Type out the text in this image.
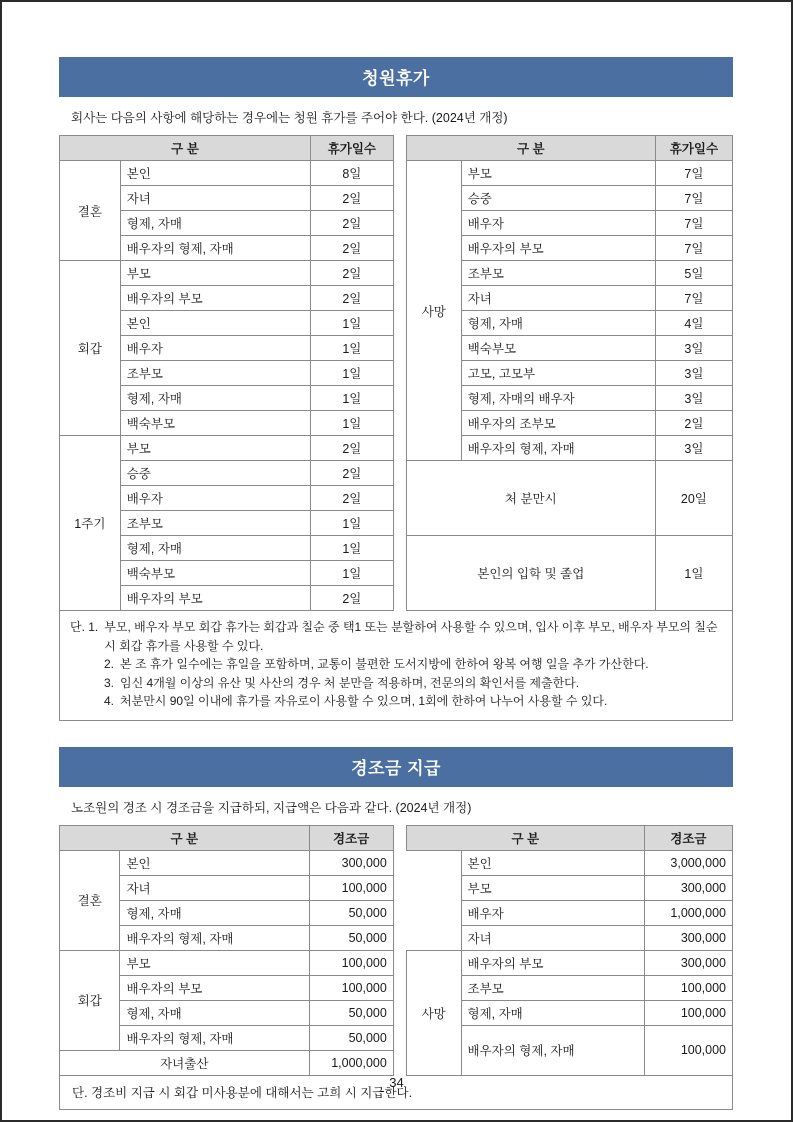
청원휴가
회사는 다음의 사항에 해당하는 경우에는 청원 휴가를 주어야 한다. (2024년 개정)
구 분		휴가일수		구 분		휴가일수
결혼	본인	8일		사망	부모	7일
	자녀	2일			승중	7일
	형제, 자매	2일			배우자	7일
	배우자의 형제, 자매	2일			배우자의 부모	7일
회갑	부모	2일			조부모	5일
	배우자의 부모	2일			자녀	7일
	본인	1일			형제, 자매	4일
	배우자	1일			백숙부모	3일
	조부모	1일			고모, 고모부	3일
	형제, 자매	1일			형제, 자매의 배우자	3일
	백숙부모	1일			배우자의 조부모	2일
1주기	부모	2일			배우자의 형제, 자매	3일
	승중	2일		처 분만시		20일
	배우자	2일				
	조부모	1일				
	형제, 자매	1일		본인의 입학 및 졸업		1일
	백숙부모	1일				
	배우자의 부모	2일				
단. 1. 부모, 배우자 부모 회갑 휴가는 회갑과 칠순 중 택1 또는 분할하여 사용할 수 있으며, 입사 이후 부모, 배우자 부모의 칠순 시 회갑 휴가를 사용할 수 있다.
2. 본 조 휴가 일수에는 휴일을 포함하며, 교통이 불편한 도서지방에 한하여 왕복 여행 일을 추가 가산한다.
3. 임신 4개월 이상의 유산 및 사산의 경우 처 분만을 적용하며, 전문의의 확인서를 제출한다.
4. 처분만시 90일 이내에 휴가를 자유로이 사용할 수 있으며, 1회에 한하여 나누어 사용할 수 있다.
경조금 지급
노조원의 경조 시 경조금을 지급하되, 지급액은 다음과 같다. (2024년 개정)
구 분		경조금		구 분		경조금
결혼	본인	300,000			본인	3,000,000
	자녀	100,000			부모	300,000
	형제, 자매	50,000			배우자	1,000,000
	배우자의 형제, 자매	50,000			자녀	300,000
회갑	부모	100,000		사망	배우자의 부모	300,000
	배우자의 부모	100,000			조부모	100,000
	형제, 자매	50,000			형제, 자매	100,000
	배우자의 형제, 자매	50,000			배우자의 형제, 자매	100,000
자녀출산		1,000,000				
단. 경조비 지급 시 회갑 미사용분에 대해서는 고희 시 지급한다.
34
